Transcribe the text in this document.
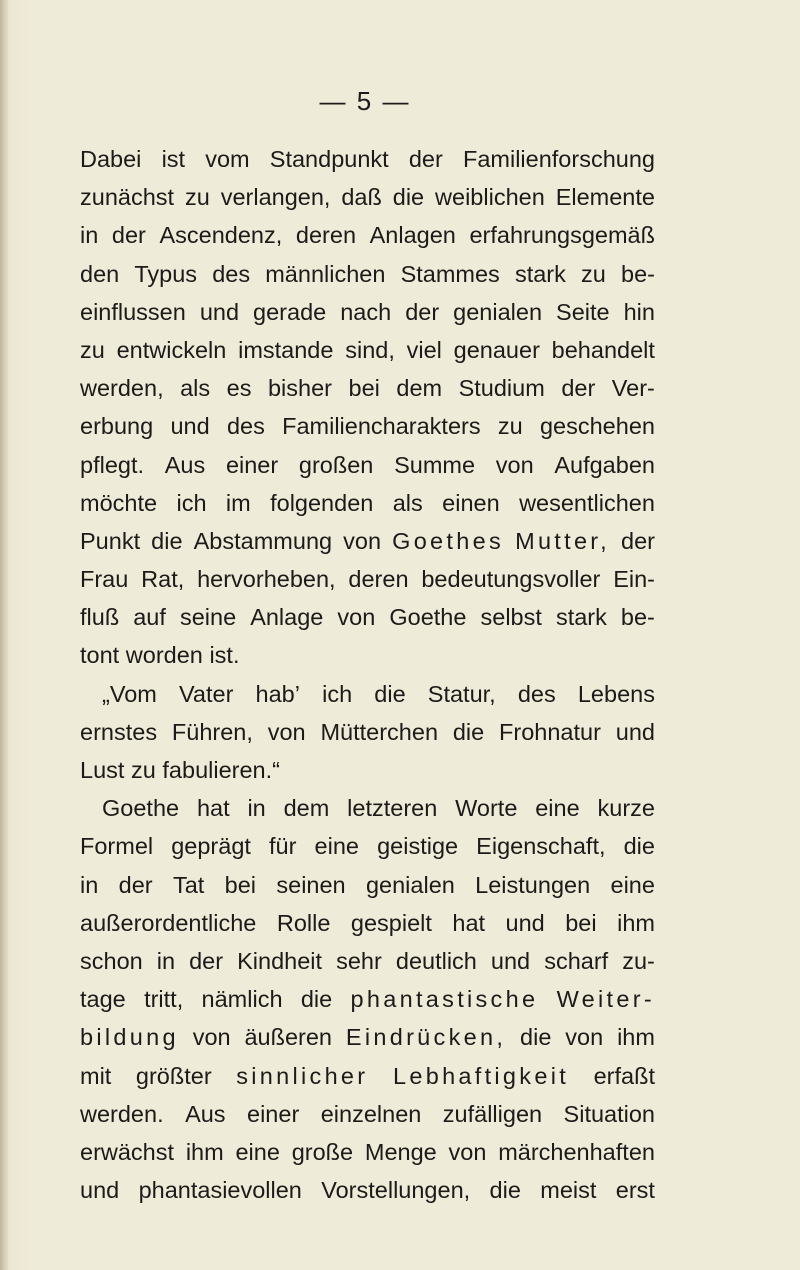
— 5 —
Dabei ist vom Standpunkt der Familienforschung
zunächst zu verlangen, daß die weiblichen Elemente
in der Ascendenz, deren Anlagen erfahrungsgemäß
den Typus des männlichen Stammes stark zu be-
einflussen und gerade nach der genialen Seite hin
zu entwickeln imstande sind, viel genauer behandelt
werden, als es bisher bei dem Studium der Ver-
erbung und des Familiencharakters zu geschehen
pflegt. Aus einer großen Summe von Aufgaben
möchte ich im folgenden als einen wesentlichen
Punkt die Abstammung von Goethes Mutter, der
Frau Rat, hervorheben, deren bedeutungsvoller Ein-
fluß auf seine Anlage von Goethe selbst stark be-
tont worden ist.
„Vom Vater hab’ ich die Statur, des Lebens
ernstes Führen, von Mütterchen die Frohnatur und
Lust zu fabulieren.“
Goethe hat in dem letzteren Worte eine kurze
Formel geprägt für eine geistige Eigenschaft, die
in der Tat bei seinen genialen Leistungen eine
außerordentliche Rolle gespielt hat und bei ihm
schon in der Kindheit sehr deutlich und scharf zu-
tage tritt, nämlich die phantastische Weiter-
bildung von äußeren Eindrücken, die von ihm
mit größter sinnlicher Lebhaftigkeit erfaßt
werden. Aus einer einzelnen zufälligen Situation
erwächst ihm eine große Menge von märchenhaften
und phantasievollen Vorstellungen, die meist erst
